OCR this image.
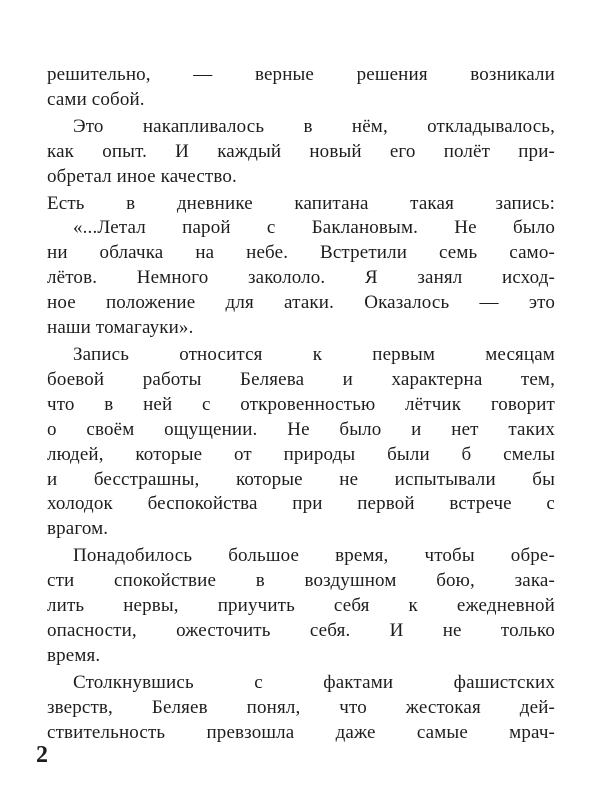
решительно, — верные решения возникали
сами собой.

Это накапливалось в нём, откладывалось,
как опыт. И каждый новый его полёт при-
обретал иное качество.

Есть в дневнике капитана такая запись:
«...Летал парой с Баклановым. Не было
ни облачка на небе. Встретили семь само-
лётов. Немного закололо. Я занял исход-
ное положение для атаки. Оказалось — это
наши томагауки».

Запись относится к первым месяцам
боевой работы Беляева и характерна тем,
что в ней с откровенностью лётчик говорит
о своём ощущении. Не было и нет таких
людей, которые от природы были б смелы
и бесстрашны, которые не испытывали бы
холодок беспокойства при первой встрече с
врагом.

Понадобилось большое время, чтобы обре-
сти спокойствие в воздушном бою, зака-
лить нервы, приучить себя к ежедневной
опасности, ожесточить себя. И не только
время.

Столкнувшись с фактами фашистских
зверств, Беляев понял, что жестокая дей-
ствительность превзошла даже самые мрач-

2
